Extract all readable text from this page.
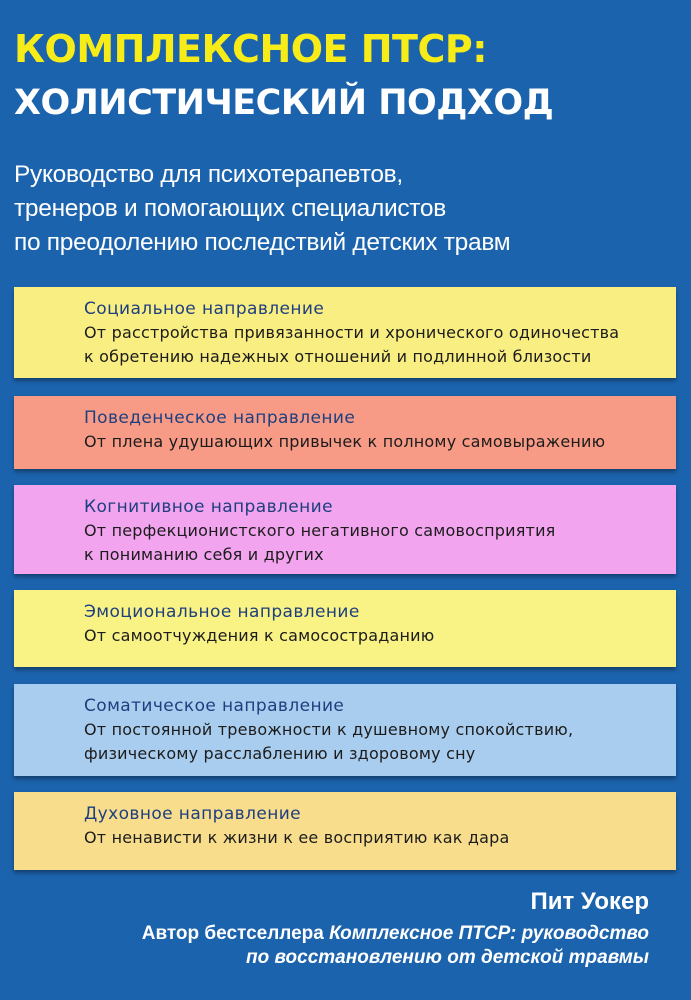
КОМПЛЕКСНОЕ ПТСР:
ХОЛИСТИЧЕСКИЙ ПОДХОД
Руководство для психотерапевтов,
тренеров и помогающих специалистов
по преодолению последствий детских травм
Социальное направление
От расстройства привязанности и хронического одиночества
к обретению надежных отношений и подлинной близости
Поведенческое направление
От плена удушающих привычек к полному самовыражению
Когнитивное направление
От перфекционистского негативного самовосприятия
к пониманию себя и других
Эмоциональное направление
От самоотчуждения к самосостраданию
Соматическое направление
От постоянной тревожности к душевному спокойствию,
физическому расслаблению и здоровому сну
Духовное направление
От ненависти к жизни к ее восприятию как дара
Пит Уокер
Автор бестселлера Комплексное ПТСР: руководство
по восстановлению от детской травмы
